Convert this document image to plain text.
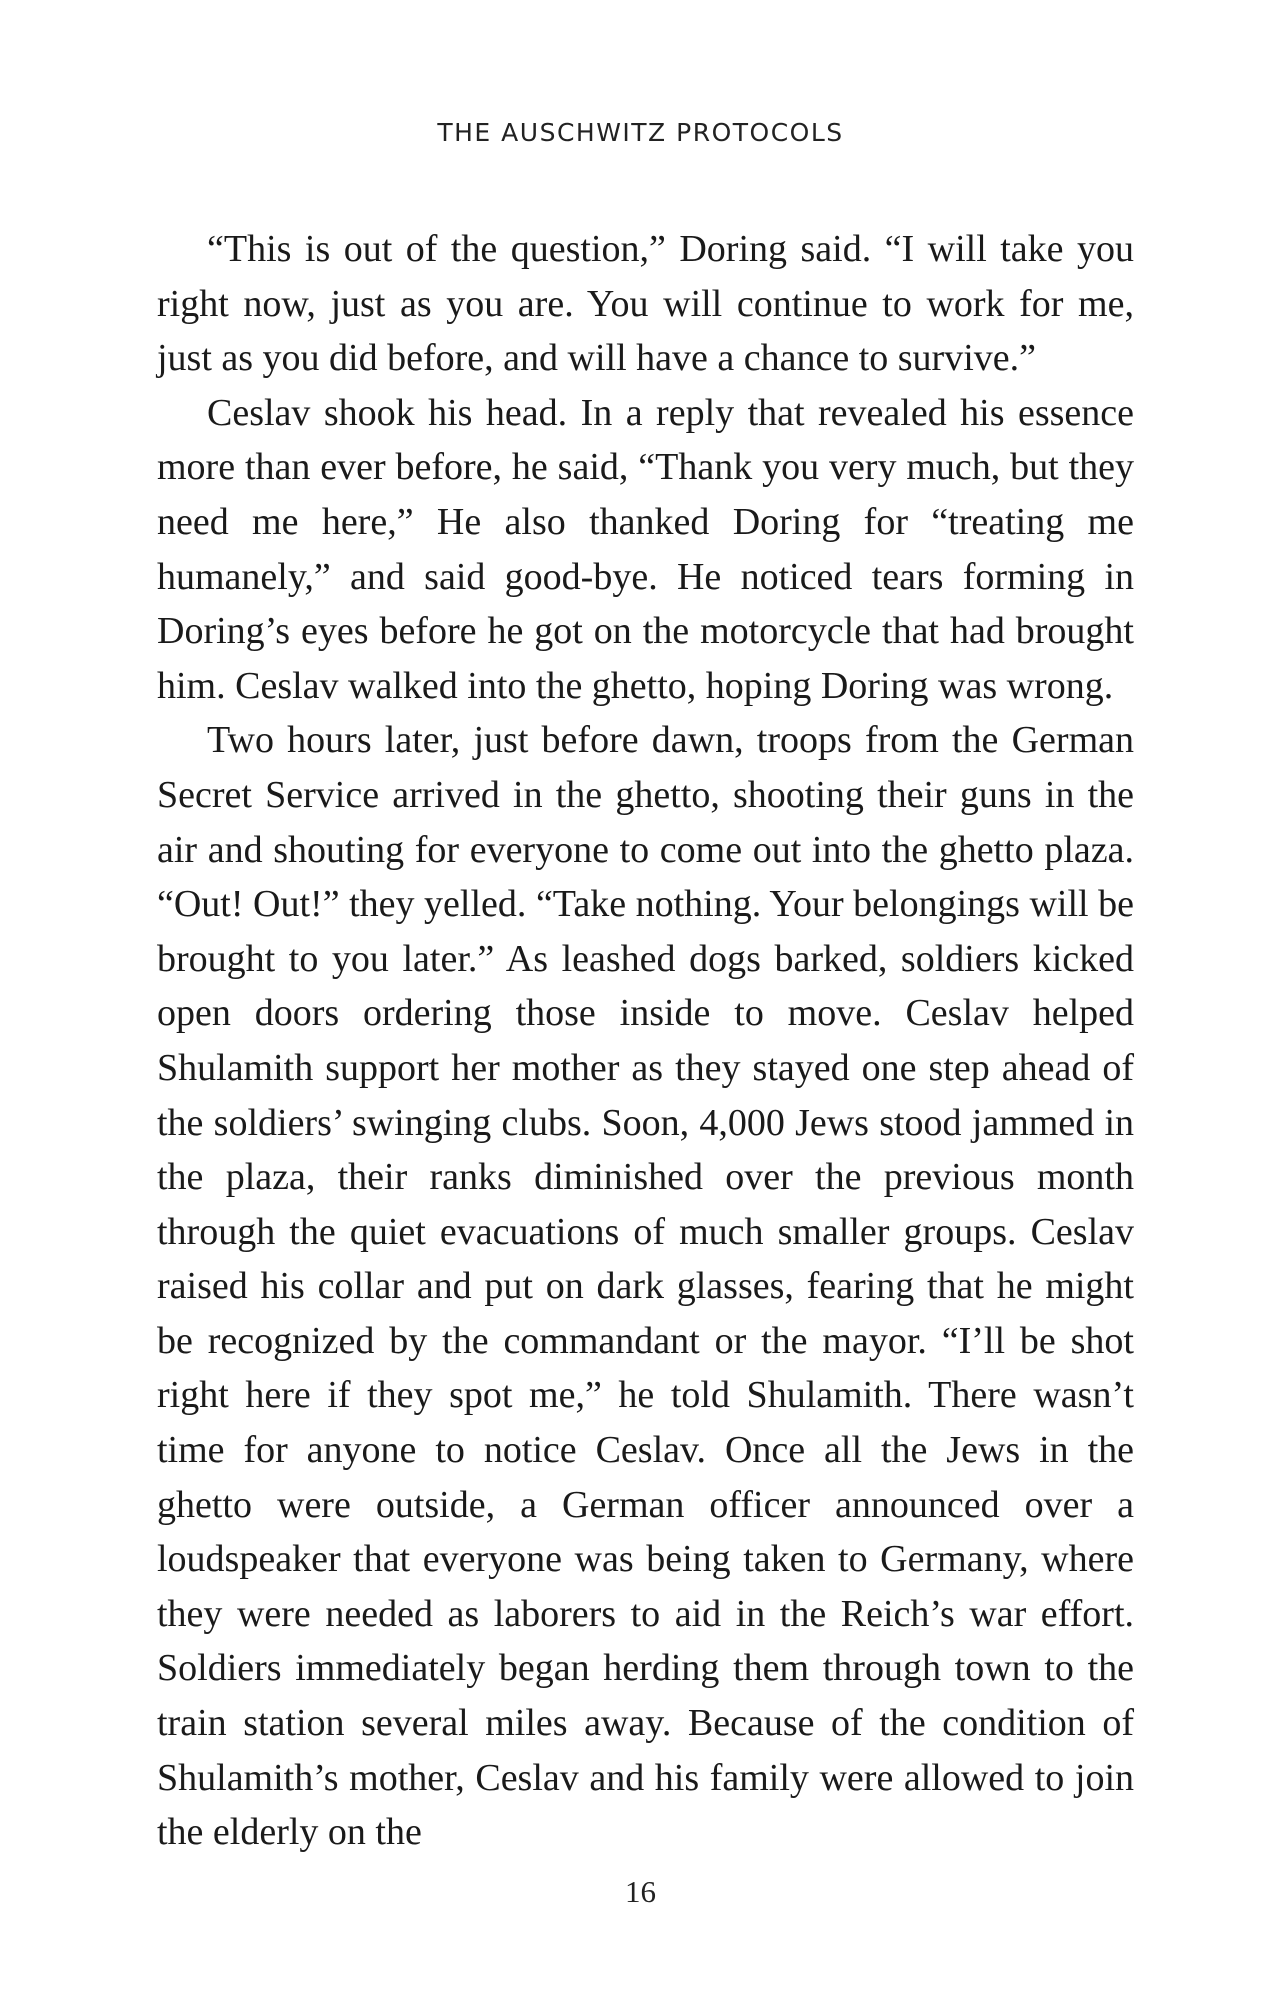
THE AUSCHWITZ PROTOCOLS

“This is out of the question,” Doring said. “I will take you right now, just as you are. You will continue to work for me, just as you did before, and will have a chance to survive.”

Ceslav shook his head. In a reply that revealed his essence more than ever before, he said, “Thank you very much, but they need me here,” He also thanked Doring for “treating me humanely,” and said good-bye. He noticed tears forming in Doring’s eyes before he got on the motorcycle that had brought him. Ceslav walked into the ghetto, hoping Doring was wrong.

Two hours later, just before dawn, troops from the German Secret Service arrived in the ghetto, shooting their guns in the air and shouting for everyone to come out into the ghetto plaza. “Out! Out!” they yelled. “Take nothing. Your belongings will be brought to you later.” As leashed dogs barked, soldiers kicked open doors ordering those inside to move. Ceslav helped Shulamith support her mother as they stayed one step ahead of the soldiers’ swinging clubs. Soon, 4,000 Jews stood jammed in the plaza, their ranks diminished over the previous month through the quiet evacuations of much smaller groups. Ceslav raised his collar and put on dark glasses, fearing that he might be recognized by the commandant or the mayor. “I’ll be shot right here if they spot me,” he told Shulamith. There wasn’t time for anyone to notice Ceslav. Once all the Jews in the ghetto were outside, a German officer announced over a loudspeaker that everyone was being taken to Germany, where they were needed as laborers to aid in the Reich’s war effort. Soldiers immediately began herding them through town to the train station several miles away. Because of the condition of Shulamith’s mother, Ceslav and his family were allowed to join the elderly on the

16
